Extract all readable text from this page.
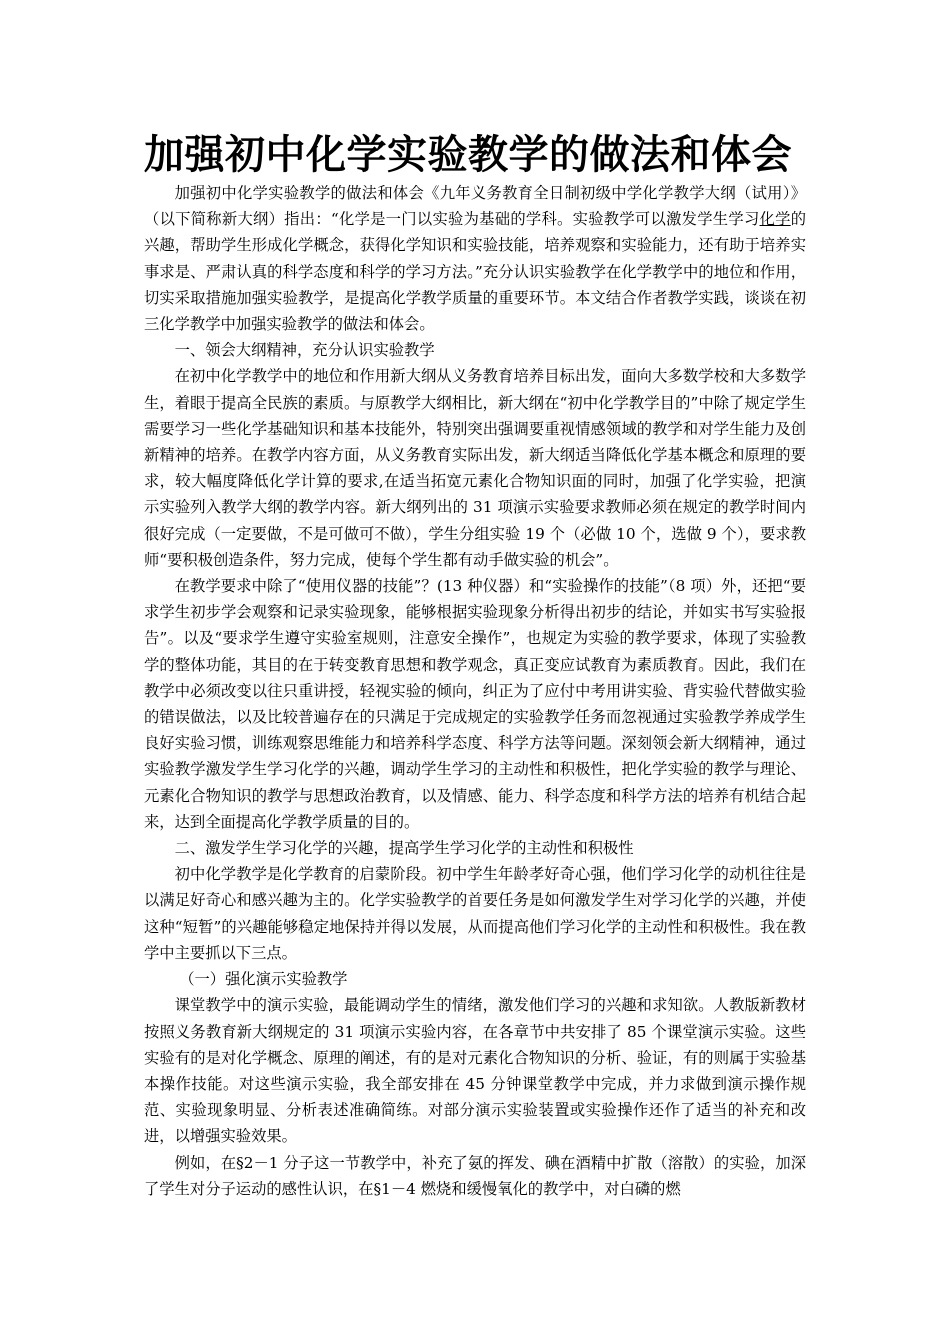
加强初中化学实验教学的做法和体会

加强初中化学实验教学的做法和体会《九年义务教育全日制初级中学化学教学大纲（试用）》（以下简称新大纲）指出：“化学是一门以实验为基础的学科。实验教学可以激发学生学习化学的兴趣，帮助学生形成化学概念，获得化学知识和实验技能，培养观察和实验能力，还有助于培养实事求是、严肃认真的科学态度和科学的学习方法。”充分认识实验教学在化学教学中的地位和作用，切实采取措施加强实验教学，是提高化学教学质量的重要环节。本文结合作者教学实践，谈谈在初三化学教学中加强实验教学的做法和体会。

一、领会大纲精神，充分认识实验教学

在初中化学教学中的地位和作用新大纲从义务教育培养目标出发，面向大多数学校和大多数学生，着眼于提高全民族的素质。与原教学大纲相比，新大纲在“初中化学教学目的”中除了规定学生需要学习一些化学基础知识和基本技能外，特别突出强调要重视情感领域的教学和对学生能力及创新精神的培养。在教学内容方面，从义务教育实际出发，新大纲适当降低化学基本概念和原理的要求，较大幅度降低化学计算的要求,在适当拓宽元素化合物知识面的同时，加强了化学实验，把演示实验列入教学大纲的教学内容。新大纲列出的 31 项演示实验要求教师必须在规定的教学时间内很好完成（一定要做，不是可做可不做），学生分组实验 19 个（必做 10 个，选做 9 个），要求教师“要积极创造条件，努力完成，使每个学生都有动手做实验的机会”。

在教学要求中除了“使用仪器的技能”？(13 种仪器）和“实验操作的技能”（8 项）外，还把“要求学生初步学会观察和记录实验现象，能够根据实验现象分析得出初步的结论，并如实书写实验报告”。以及“要求学生遵守实验室规则，注意安全操作”，也规定为实验的教学要求，体现了实验教学的整体功能，其目的在于转变教育思想和教学观念，真正变应试教育为素质教育。因此，我们在教学中必须改变以往只重讲授，轻视实验的倾向，纠正为了应付中考用讲实验、背实验代替做实验的错误做法，以及比较普遍存在的只满足于完成规定的实验教学任务而忽视通过实验教学养成学生良好实验习惯，训练观察思维能力和培养科学态度、科学方法等问题。深刻领会新大纲精神，通过实验教学激发学生学习化学的兴趣，调动学生学习的主动性和积极性，把化学实验的教学与理论、元素化合物知识的教学与思想政治教育，以及情感、能力、科学态度和科学方法的培养有机结合起来，达到全面提高化学教学质量的目的。

二、激发学生学习化学的兴趣，提高学生学习化学的主动性和积极性

初中化学教学是化学教育的启蒙阶段。初中学生年龄孝好奇心强，他们学习化学的动机往往是以满足好奇心和感兴趣为主的。化学实验教学的首要任务是如何激发学生对学习化学的兴趣，并使这种“短暂”的兴趣能够稳定地保持并得以发展，从而提高他们学习化学的主动性和积极性。我在教学中主要抓以下三点。

（一）强化演示实验教学

课堂教学中的演示实验，最能调动学生的情绪，激发他们学习的兴趣和求知欲。人教版新教材按照义务教育新大纲规定的 31 项演示实验内容，在各章节中共安排了 85 个课堂演示实验。这些实验有的是对化学概念、原理的阐述，有的是对元素化合物知识的分析、验证，有的则属于实验基本操作技能。对这些演示实验，我全部安排在 45 分钟课堂教学中完成，并力求做到演示操作规范、实验现象明显、分析表述准确简练。对部分演示实验装置或实验操作还作了适当的补充和改进，以增强实验效果。

例如，在§2－1 分子这一节教学中，补充了氨的挥发、碘在酒精中扩散（溶散）的实验，加深了学生对分子运动的感性认识，在§1－4 燃烧和缓慢氧化的教学中，对白磷的燃
